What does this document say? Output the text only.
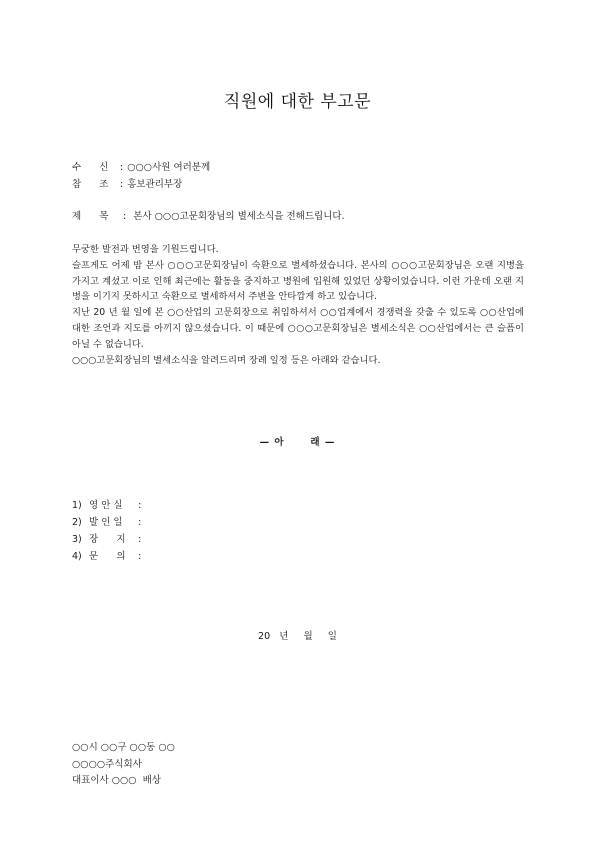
직원에 대한 부고문
수      신	: ○○○사원 여러분께
참      조	: 홍보관리부장
제      목 : 본사 ○○○고문회장님의 별세소식을 전해드립니다.

무궁한 발전과 번영을 기원드립니다.

슬프게도 어제 밤 본사 ○○○고문회장님이 숙환으로 별세하셨습니다. 본사의 ○○○고문회장님은 오랜 지병을 가지고 계셨고 이로 인해 최근에는 활동을 중지하고 병원에 입원해 있었던 상황이었습니다. 이런 가운데 오랜 지병을 이기지 못하시고 숙환으로 별세하셔서 주변을 안타깝게 하고 있습니다.

지난 20 년 월 일에 본 ○○산업의 고문회장으로 취임하셔서 ○○업계에서 경쟁력을 갖출 수 있도록 ○○산업에 대한 조언과 지도를 아끼지 않으셨습니다. 이 때문에 ○○○고문회장님은 별세소식은 ○○산업에서는 큰 슬픔이 아닐 수 없습니다.

○○○고문회장님의 별세소식을 알려드리며 장례 일정 등은 아래와 같습니다.

— 아      래 —
1) 영 안 실 :
2) 발 인 일 :
3) 장      지 :
4) 문      의 :
20   년     월     일
○○시 ○○구 ○○동 ○○
○○○○주식회사
대표이사 ○○○  배상
